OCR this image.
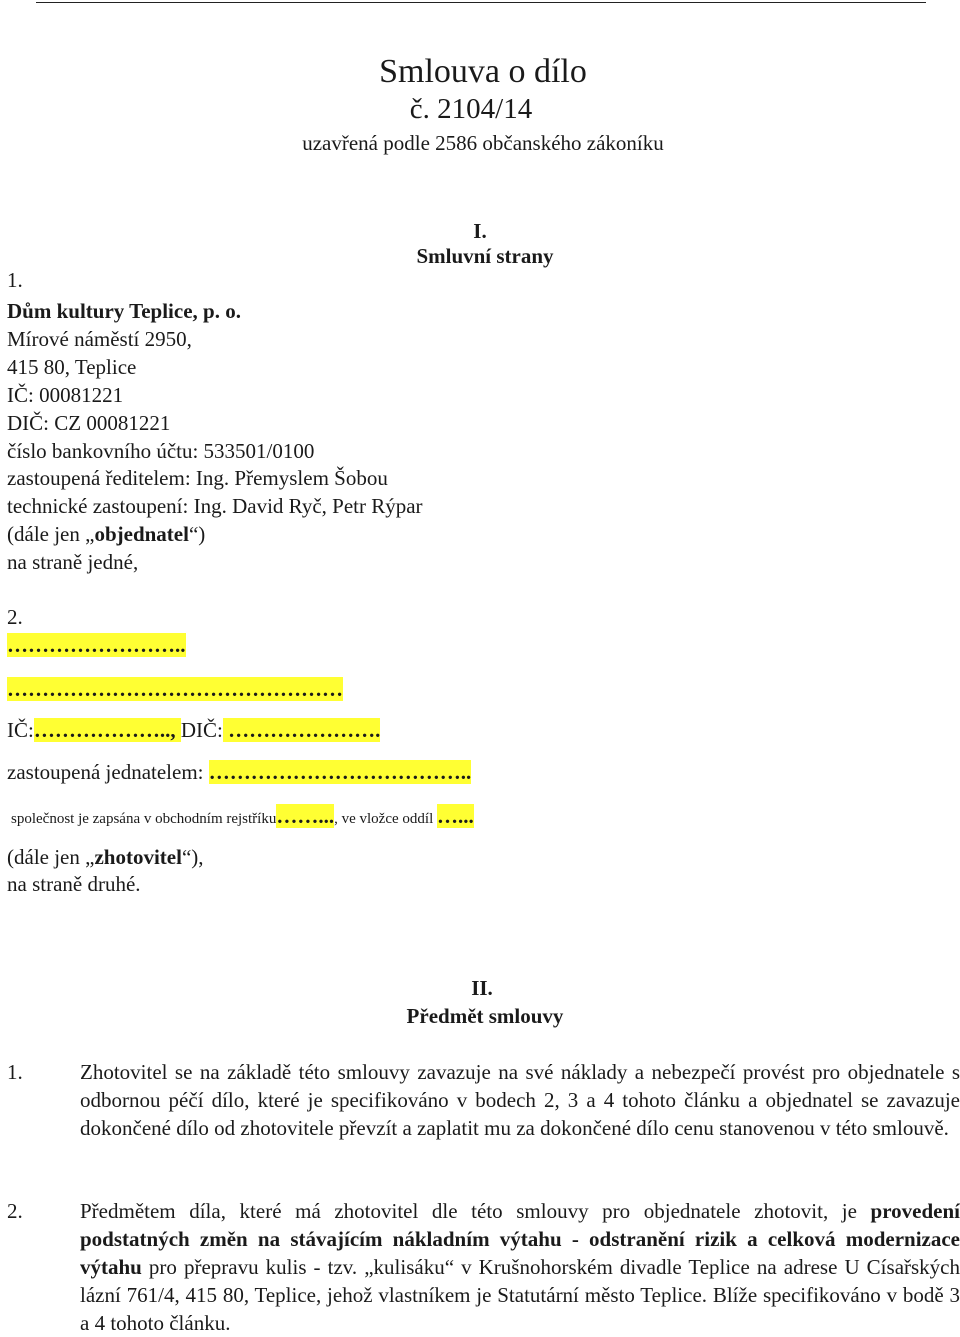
Smlouva o dílo
č. 2104/14
uzavřená podle 2586 občanského zákoníku
I.
Smluvní strany
1.
Dům kultury Teplice, p. o.
Mírové náměstí 2950,
415 80, Teplice
IČ: 00081221
DIČ: CZ 00081221
číslo bankovního účtu: 533501/0100
zastoupená ředitelem: Ing. Přemyslem Šobou
technické zastoupení: Ing. David Ryč, Petr Rýpar
(dále jen „objednatel“)
na straně jedné,
2.
……………………..
…………………………………………
IČ:……………….., DIČ: ………………….
zastoupená jednatelem: ………………………………..
společnost je zapsána v obchodním rejstříku……..., ve vložce oddíl …...
(dále jen „zhotovitel“),
na straně druhé.
II.
Předmět smlouvy
1.	Zhotovitel se na základě této smlouvy zavazuje na své náklady a nebezpečí provést pro objednatele s odbornou péčí dílo, které je specifikováno v bodech 2, 3 a 4 tohoto článku a objednatel se zavazuje dokončené dílo od zhotovitele převzít a zaplatit mu za dokončené dílo cenu stanovenou v této smlouvě.
2.	Předmětem díla, které má zhotovitel dle této smlouvy pro objednatele zhotovit, je provedení podstatných změn na stávajícím nákladním výtahu - odstranění rizik a celková modernizace výtahu pro přepravu kulis - tzv. „kulisáku“ v Krušnohorském divadle Teplice na adrese U Císařských lázní 761/4, 415 80, Teplice, jehož vlastníkem je Statutární město Teplice. Blíže specifikováno v bodě 3 a 4 tohoto článku.
